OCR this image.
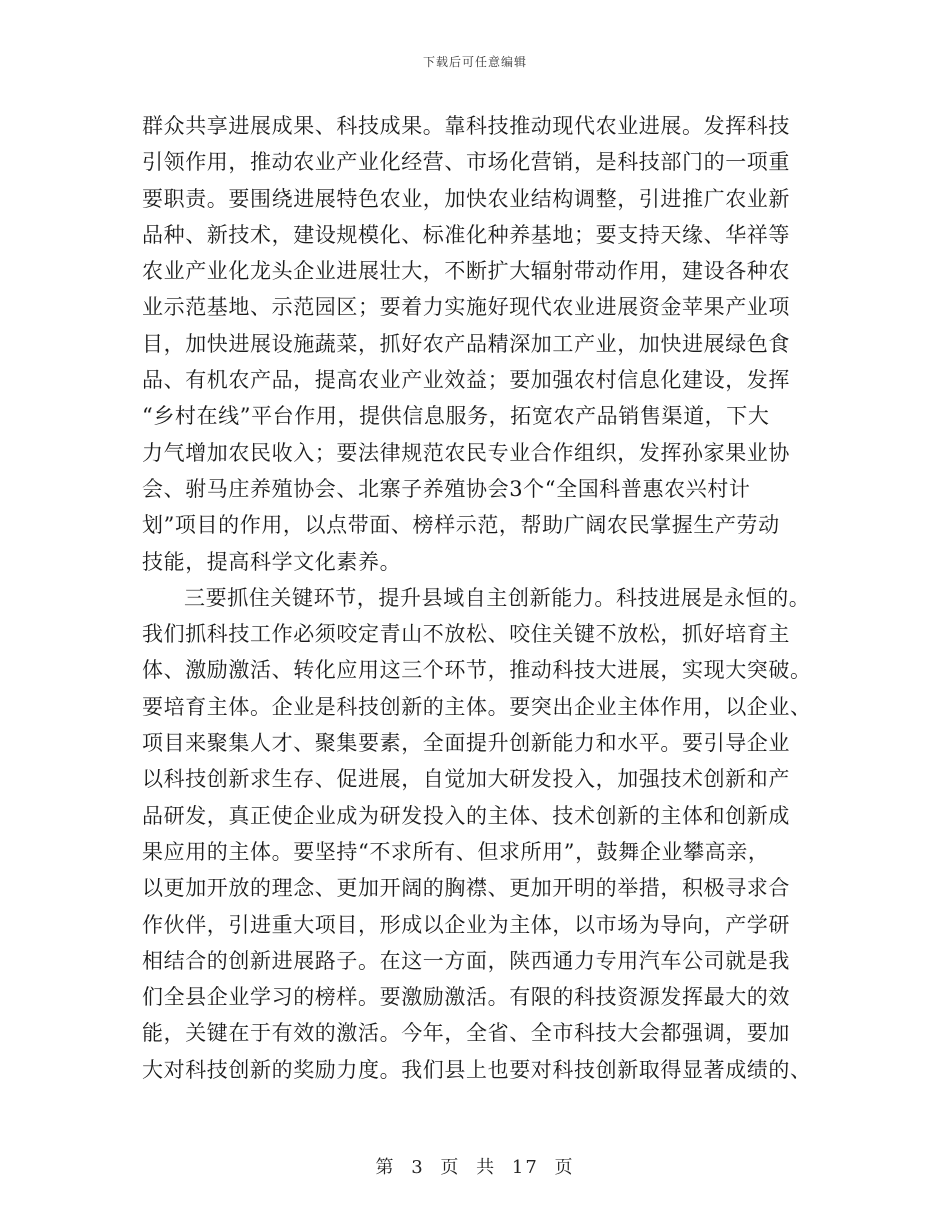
下载后可任意编辑
群众共享进展成果、科技成果。靠科技推动现代农业进展。发挥科技
引领作用，推动农业产业化经营、市场化营销，是科技部门的一项重
要职责。要围绕进展特色农业，加快农业结构调整，引进推广农业新
品种、新技术，建设规模化、标准化种养基地；要支持天缘、华祥等
农业产业化龙头企业进展壮大，不断扩大辐射带动作用，建设各种农
业示范基地、示范园区；要着力实施好现代农业进展资金苹果产业项
目，加快进展设施蔬菜，抓好农产品精深加工产业，加快进展绿色食
品、有机农产品，提高农业产业效益；要加强农村信息化建设，发挥
“乡村在线”平台作用，提供信息服务，拓宽农产品销售渠道，下大
力气增加农民收入；要法律规范农民专业合作组织，发挥孙家果业协
会、驸马庄养殖协会、北寨子养殖协会3个“全国科普惠农兴村计
划”项目的作用，以点带面、榜样示范，帮助广阔农民掌握生产劳动
技能，提高科学文化素养。
三要抓住关键环节，提升县域自主创新能力。科技进展是永恒的。
我们抓科技工作必须咬定青山不放松、咬住关键不放松，抓好培育主
体、激励激活、转化应用这三个环节，推动科技大进展，实现大突破。
要培育主体。企业是科技创新的主体。要突出企业主体作用，以企业、
项目来聚集人才、聚集要素，全面提升创新能力和水平。要引导企业
以科技创新求生存、促进展，自觉加大研发投入，加强技术创新和产
品研发，真正使企业成为研发投入的主体、技术创新的主体和创新成
果应用的主体。要坚持“不求所有、但求所用”，鼓舞企业攀高亲，
以更加开放的理念、更加开阔的胸襟、更加开明的举措，积极寻求合
作伙伴，引进重大项目，形成以企业为主体，以市场为导向，产学研
相结合的创新进展路子。在这一方面，陕西通力专用汽车公司就是我
们全县企业学习的榜样。要激励激活。有限的科技资源发挥最大的效
能，关键在于有效的激活。今年，全省、全市科技大会都强调，要加
大对科技创新的奖励力度。我们县上也要对科技创新取得显著成绩的、
第 3 页 共 17 页
